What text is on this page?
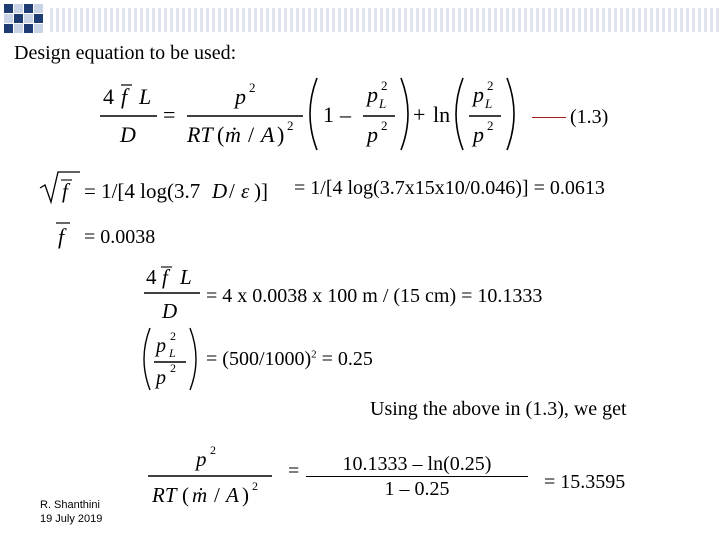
Design equation to be used:
4 f L
D
=
p 2
RT ( ṁ / A ) 2 1 –
p 2
L
p 2 + ln
p 2
L
p 2	(1.3)
f = 1/[4 log(3.7 D / ε )] = 1/[4 log(3.7x15x10/0.046)] = 0.0613
f = 0.0038
4 f L
D
= 4 x 0.0038 x 100 m / (15 cm) = 10.1333
p 2
L
p $2 = (500/1000)^2 = 0.25$
Using the above in (1.3), we get
p 2
RT ( ṁ / A ) 2
= 10.1333 – ln(0.25)
1 – 0.25	= 15.3595
R. Shanthini
19 July 2019
